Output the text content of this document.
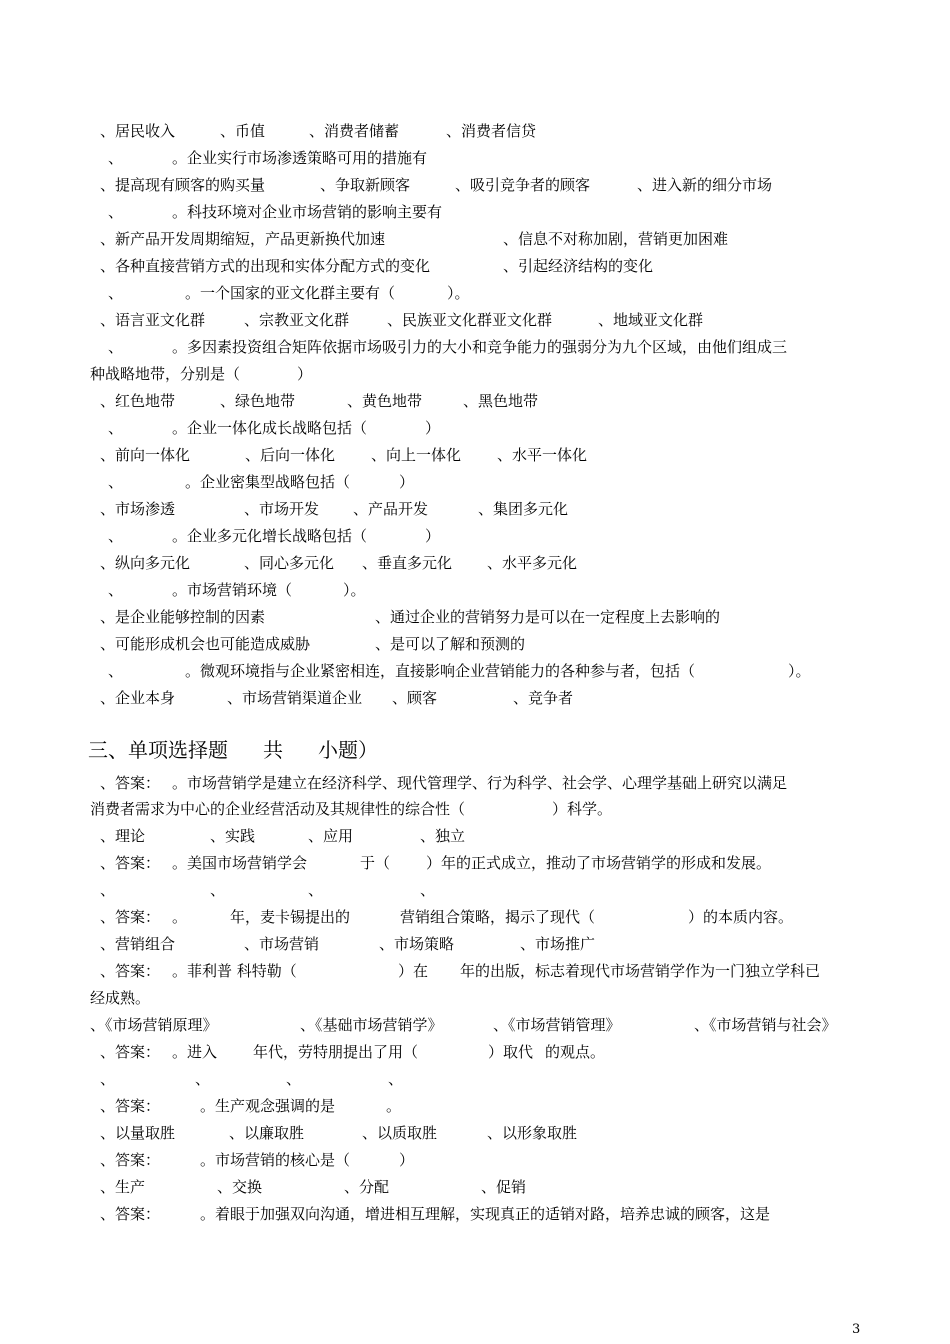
、居民收入	、币值	、消费者储蓄	、消费者信贷
、	。企业实行市场渗透策略可用的措施有
、提高现有顾客的购买量	、争取新顾客	、吸引竞争者的顾客	、进入新的细分市场
、	。科技环境对企业市场营销的影响主要有
、新产品开发周期缩短，产品更新换代加速	、信息不对称加剧，营销更加困难
、各种直接营销方式的出现和实体分配方式的变化	、引起经济结构的变化
、	。一个国家的亚文化群主要有（	）。
、语言亚文化群	、宗教亚文化群	、民族亚文化群亚文化群	、地域亚文化群
、	。多因素投资组合矩阵依据市场吸引力的大小和竞争能力的强弱分为九个区域，由他们组成三
种战略地带，分别是（	）
、红色地带	、绿色地带	、黄色地带	、黑色地带
、	。企业一体化成长战略包括（	）
、前向一体化	、后向一体化 、向上一体化 、水平一体化
、	。企业密集型战略包括（	）
、市场渗透	、市场开发 、产品开发	、集团多元化
、	。企业多元化增长战略包括（	）
、纵向多元化	、同心多元化 、垂直多元化 、水平多元化
、	。市场营销环境（	）。
、是企业能够控制的因素	、通过企业的营销努力是可以在一定程度上去影响的
、可能形成机会也可能造成威胁	、是可以了解和预测的
、	。微观环境指与企业紧密相连，直接影响企业营销能力的各种参与者，包括（	）。
、企业本身	、市场营销渠道企业 、顾客	、竞争者
、答案： 。市场营销学是建立在经济科学、现代管理学、行为科学、社会学、心理学基础上研究以满足
消费者需求为中心的企业经营活动及其规律性的综合性（	）科学。
、理论	、实践	、应用	、独立
、答案： 。美国市场营销学会	于（ ）年的正式成立，推动了市场营销学的形成和发展。
、	、	、	、
、答案： 。	年，麦卡锡提出的	营销组合策略，揭示了现代（	）的本质内容。
、营销组合	、市场营销	、市场策略	、市场推广
、答案： 。菲利普 科特勒（	）在 年的出版，标志着现代市场营销学作为一门独立学科已
经成熟。
、《市场营销原理》	、《基础市场营销学》	、《市场营销管理》	、《市场营销与社会》
、答案： 。进入 年代，劳特朋提出了用（	）取代 的观点。
、	、	、	、
、答案：	。生产观念强调的是	。
、以量取胜	、以廉取胜	、以质取胜	、以形象取胜
、答案：	。市场营销的核心是（	）
、生产	、交换	、分配	、促销
、答案：	。着眼于加强双向沟通，增进相互理解，实现真正的适销对路，培养忠诚的顾客，这是
三、单项选择题 共 小题）
3
